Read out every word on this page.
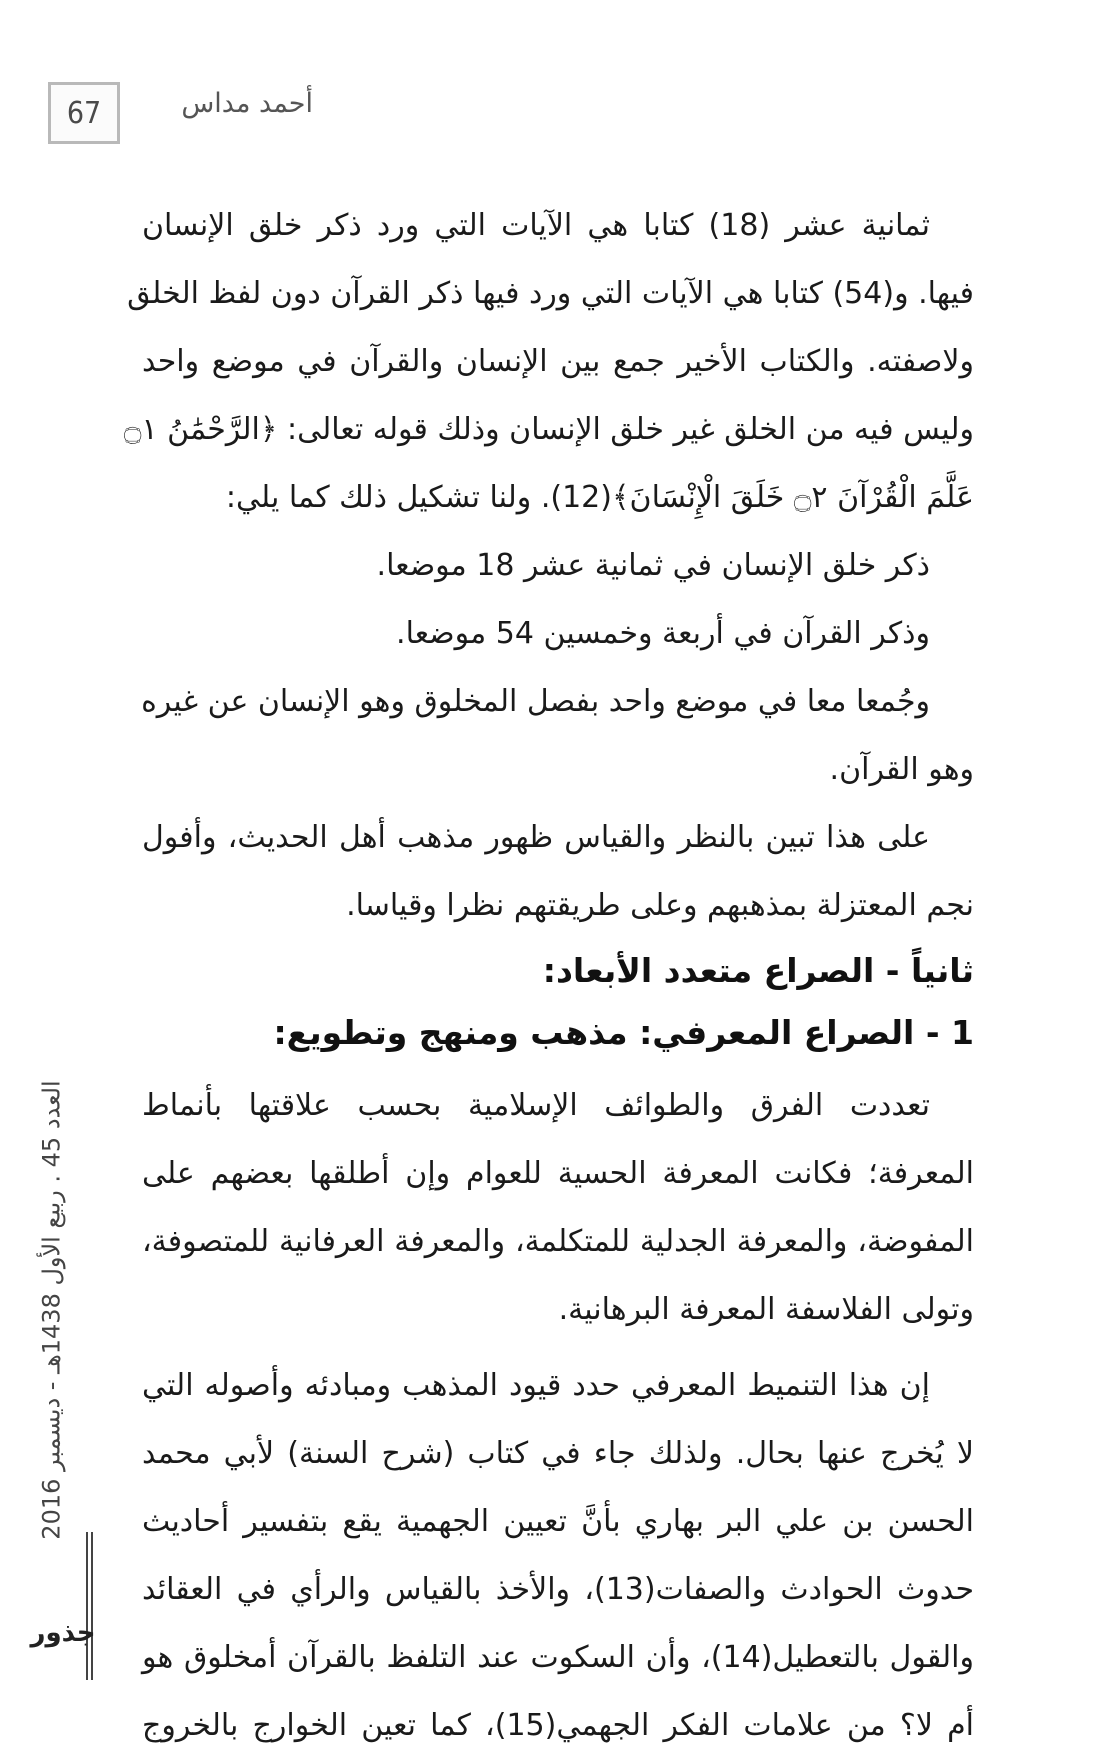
67	أحمد مداس

ثمانية عشر (18) كتابا هي الآيات التي ورد ذكر خلق الإنسان

فيها. و(54) كتابا هي الآيات التي ورد فيها ذكر القرآن دون لفظ الخلق

ولاصفته. والكتاب الأخير جمع بين الإنسان والقرآن في موضع واحد

وليس فيه من الخلق غير خلق الإنسان وذلك قوله تعالى: ﴿الرَّحْمَٰنُ ۝١

عَلَّمَ الْقُرْآنَ ۝٢ خَلَقَ الْإِنْسَانَ﴾(12). ولنا تشكيل ذلك كما يلي:

ذكر خلق الإنسان في ثمانية عشر 18 موضعا.

وذكر القرآن في أربعة وخمسين 54 موضعا.

وجُمعا معا في موضع واحد بفصل المخلوق وهو الإنسان عن غيره

وهو القرآن.

على هذا تبين بالنظر والقياس ظهور مذهب أهل الحديث، وأفول

نجم المعتزلة بمذهبهم وعلى طريقتهم نظرا وقياسا.

ثانياً - الصراع متعدد الأبعاد:
1 - الصراع المعرفي: مذهب ومنهج وتطويع:

تعددت الفرق والطوائف الإسلامية بحسب علاقتها بأنماط

المعرفة؛ فكانت المعرفة الحسية للعوام وإن أطلقها بعضهم على

المفوضة، والمعرفة الجدلية للمتكلمة، والمعرفة العرفانية للمتصوفة،

وتولى الفلاسفة المعرفة البرهانية.

إن هذا التنميط المعرفي حدد قيود المذهب ومبادئه وأصوله التي

لا يُخرج عنها بحال. ولذلك جاء في كتاب (شرح السنة) لأبي محمد

الحسن بن علي البر بهاري بأنَّ تعيين الجهمية يقع بتفسير أحاديث

حدوث الحوادث والصفات(13)، والأخذ بالقياس والرأي في العقائد

والقول بالتعطيل(14)، وأن السكوت عند التلفظ بالقرآن أمخلوق هو

أم لا؟ من علامات الفكر الجهمي(15)، كما تعين الخوارج بالخروج

العدد 45 . ربيع الأول 1438هـ - ديسمبر 2016
جذور
